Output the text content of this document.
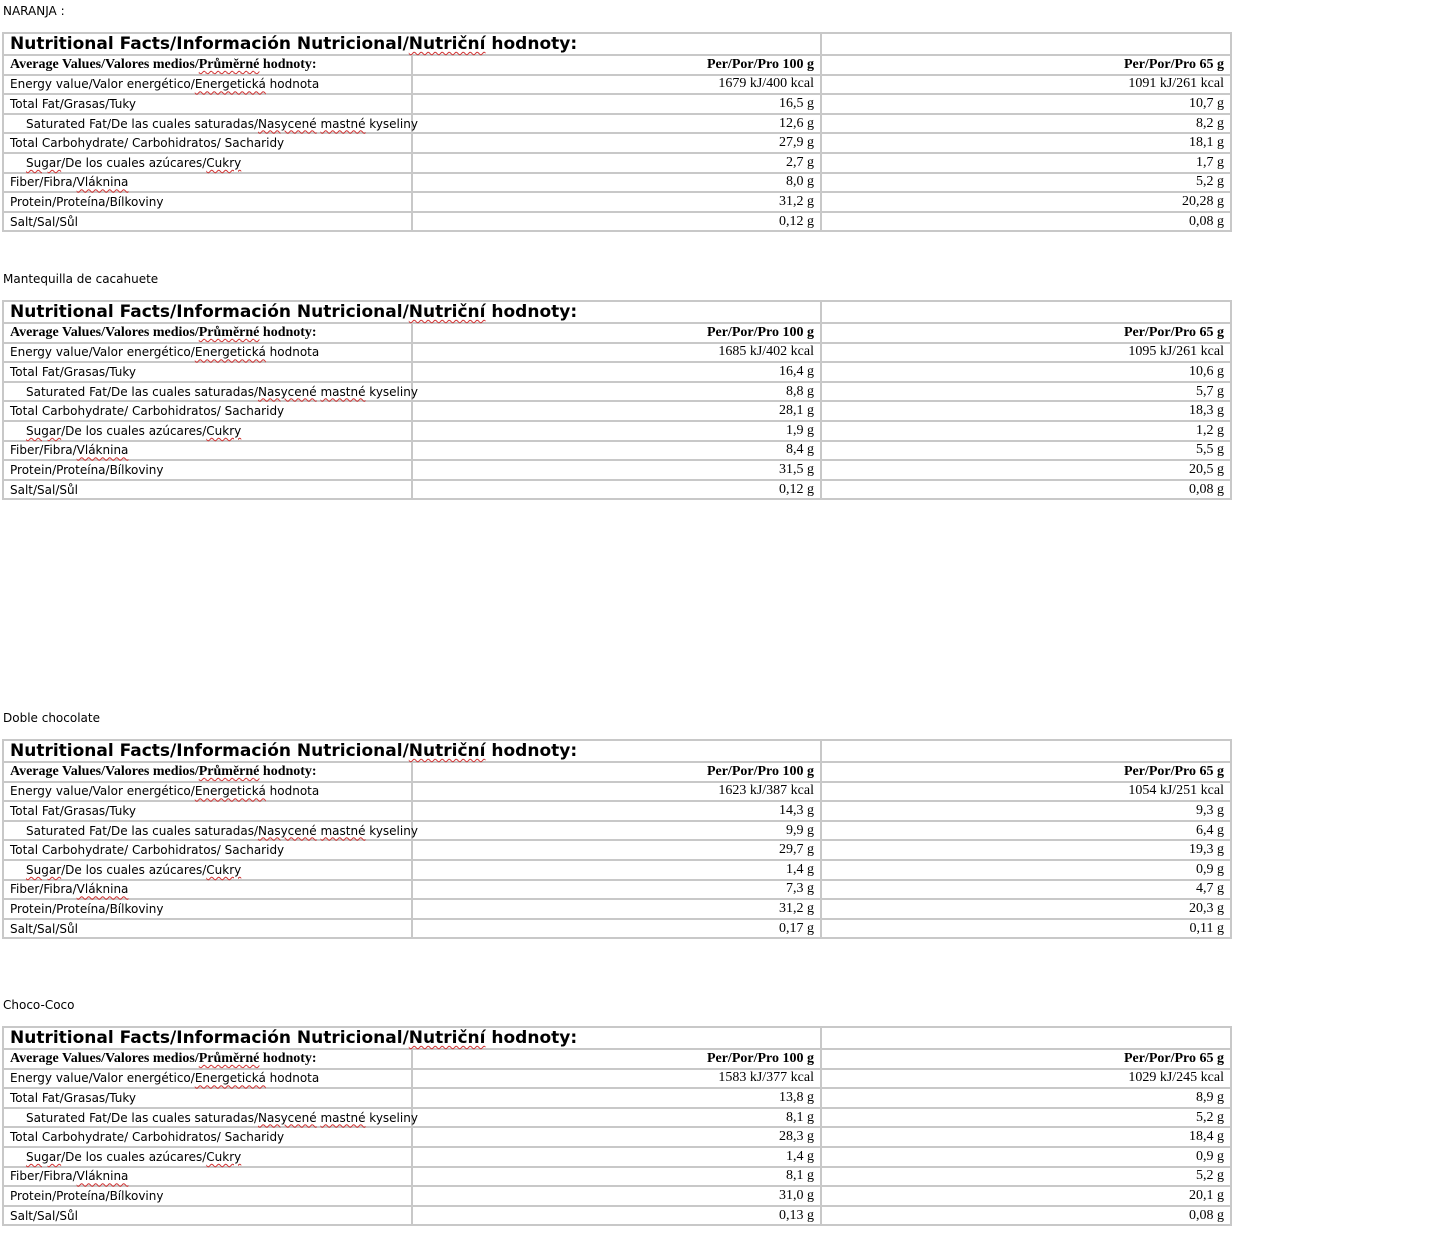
NARANJA :
Nutritional Facts/Información Nutricional/Nutriční hodnoty:		
Average Values/Valores medios/Průměrné hodnoty:	Per/Por/Pro 100 g	Per/Por/Pro 65 g
Energy value/Valor energético/Energetická hodnota	1679 kJ/400 kcal	1091 kJ/261 kcal
Total Fat/Grasas/Tuky	16,5 g	10,7 g
Saturated Fat/De las cuales saturadas/Nasycené mastné kyseliny	12,6 g	8,2 g
Total Carbohydrate/ Carbohidratos/ Sacharidy	27,9 g	18,1 g
Sugar/De los cuales azúcares/Cukry	2,7 g	1,7 g
Fiber/Fibra/Vláknina	8,0 g	5,2 g
Protein/Proteína/Bílkoviny	31,2 g	20,28 g
Salt/Sal/Sůl	0,12 g	0,08 g
Mantequilla de cacahuete
Nutritional Facts/Información Nutricional/Nutriční hodnoty:		
Average Values/Valores medios/Průměrné hodnoty:	Per/Por/Pro 100 g	Per/Por/Pro 65 g
Energy value/Valor energético/Energetická hodnota	1685 kJ/402 kcal	1095 kJ/261 kcal
Total Fat/Grasas/Tuky	16,4 g	10,6 g
Saturated Fat/De las cuales saturadas/Nasycené mastné kyseliny	8,8 g	5,7 g
Total Carbohydrate/ Carbohidratos/ Sacharidy	28,1 g	18,3 g
Sugar/De los cuales azúcares/Cukry	1,9 g	1,2 g
Fiber/Fibra/Vláknina	8,4 g	5,5 g
Protein/Proteína/Bílkoviny	31,5 g	20,5 g
Salt/Sal/Sůl	0,12 g	0,08 g
Doble chocolate
Nutritional Facts/Información Nutricional/Nutriční hodnoty:		
Average Values/Valores medios/Průměrné hodnoty:	Per/Por/Pro 100 g	Per/Por/Pro 65 g
Energy value/Valor energético/Energetická hodnota	1623 kJ/387 kcal	1054 kJ/251 kcal
Total Fat/Grasas/Tuky	14,3 g	9,3 g
Saturated Fat/De las cuales saturadas/Nasycené mastné kyseliny	9,9 g	6,4 g
Total Carbohydrate/ Carbohidratos/ Sacharidy	29,7 g	19,3 g
Sugar/De los cuales azúcares/Cukry	1,4 g	0,9 g
Fiber/Fibra/Vláknina	7,3 g	4,7 g
Protein/Proteína/Bílkoviny	31,2 g	20,3 g
Salt/Sal/Sůl	0,17 g	0,11 g
Choco-Coco
Nutritional Facts/Información Nutricional/Nutriční hodnoty:		
Average Values/Valores medios/Průměrné hodnoty:	Per/Por/Pro 100 g	Per/Por/Pro 65 g
Energy value/Valor energético/Energetická hodnota	1583 kJ/377 kcal	1029 kJ/245 kcal
Total Fat/Grasas/Tuky	13,8 g	8,9 g
Saturated Fat/De las cuales saturadas/Nasycené mastné kyseliny	8,1 g	5,2 g
Total Carbohydrate/ Carbohidratos/ Sacharidy	28,3 g	18,4 g
Sugar/De los cuales azúcares/Cukry	1,4 g	0,9 g
Fiber/Fibra/Vláknina	8,1 g	5,2 g
Protein/Proteína/Bílkoviny	31,0 g	20,1 g
Salt/Sal/Sůl	0,13 g	0,08 g
